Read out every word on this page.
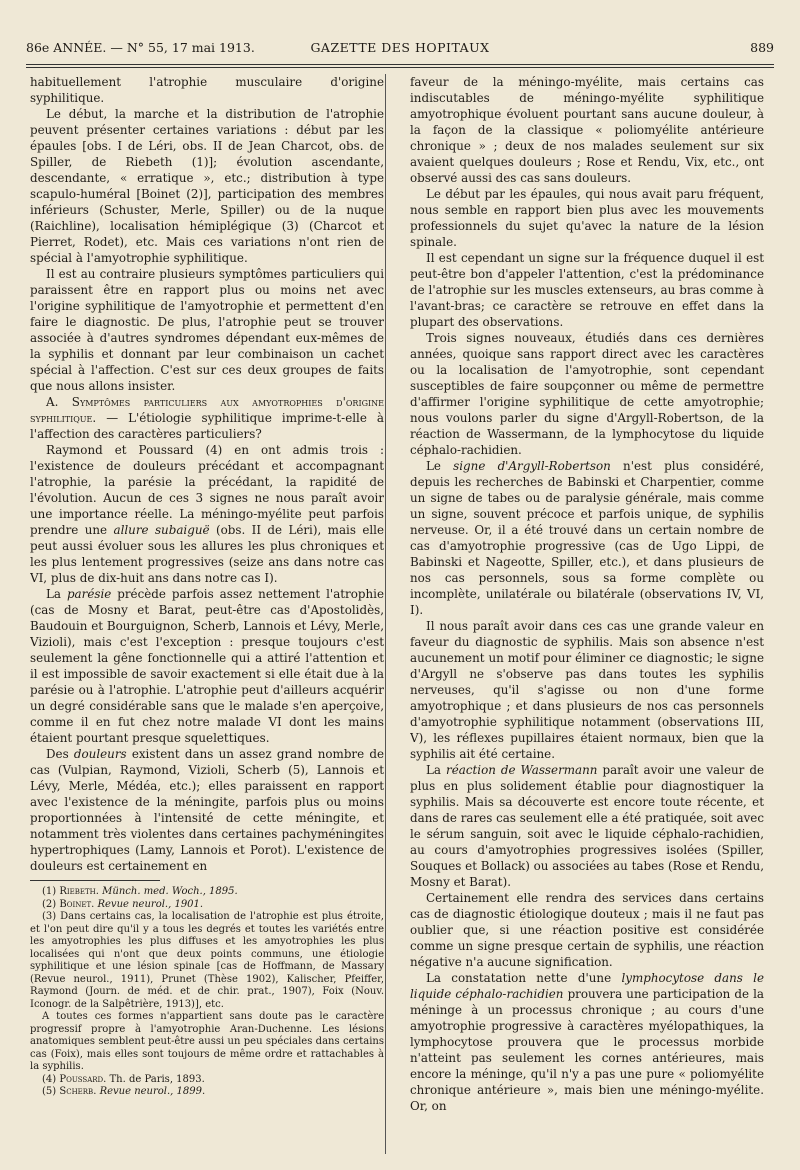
86e ANNÉE. — N° 55, 17 mai 1913.	GAZETTE DES HOPITAUX	889

habituellement l'atrophie musculaire d'origine syphilitique.

Le début, la marche et la distribution de l'atrophie peuvent présenter certaines variations : début par les épaules [obs. I de Léri, obs. II de Jean Charcot, obs. de Spiller, de Riebeth (1)]; évolution ascendante, descendante, « erratique », etc.; distribution à type scapulo-huméral [Boinet (2)], participation des membres inférieurs (Schuster, Merle, Spiller) ou de la nuque (Raichline), localisation hémiplégique (3) (Charcot et Pierret, Rodet), etc. Mais ces variations n'ont rien de spécial à l'amyotrophie syphilitique.

Il est au contraire plusieurs symptômes particuliers qui paraissent être en rapport plus ou moins net avec l'origine syphilitique de l'amyotrophie et permettent d'en faire le diagnostic. De plus, l'atrophie peut se trouver associée à d'autres syndromes dépendant eux-mêmes de la syphilis et donnant par leur combinaison un cachet spécial à l'affection. C'est sur ces deux groupes de faits que nous allons insister.

A. Symptômes particuliers aux amyotrophies d'origine syphilitique. — L'étiologie syphilitique imprime-t-elle à l'affection des caractères particuliers?

Raymond et Poussard (4) en ont admis trois : l'existence de douleurs précédant et accompagnant l'atrophie, la parésie la précédant, la rapidité de l'évolution. Aucun de ces 3 signes ne nous paraît avoir une importance réelle. La méningo-myélite peut parfois prendre une allure subaiguë (obs. II de Léri), mais elle peut aussi évoluer sous les allures les plus chroniques et les plus lentement progressives (seize ans dans notre cas VI, plus de dix-huit ans dans notre cas I).

La parésie précède parfois assez nettement l'atrophie (cas de Mosny et Barat, peut-être cas d'Apostolidès, Baudouin et Bourguignon, Scherb, Lannois et Lévy, Merle, Vizioli), mais c'est l'exception : presque toujours c'est seulement la gêne fonctionnelle qui a attiré l'attention et il est impossible de savoir exactement si elle était due à la parésie ou à l'atrophie. L'atrophie peut d'ailleurs acquérir un degré considérable sans que le malade s'en aperçoive, comme il en fut chez notre malade VI dont les mains étaient pourtant presque squelettiques.

Des douleurs existent dans un assez grand nombre de cas (Vulpian, Raymond, Vizioli, Scherb (5), Lannois et Lévy, Merle, Médéa, etc.); elles paraissent en rapport avec l'existence de la méningite, parfois plus ou moins proportionnées à l'intensité de cette méningite, et notamment très violentes dans certaines pachyméningites hypertrophiques (Lamy, Lannois et Porot). L'existence de douleurs est certainement en

(1) Riebeth. Münch. med. Woch., 1895.

(2) Boinet. Revue neurol., 1901.

(3) Dans certains cas, la localisation de l'atrophie est plus étroite, et l'on peut dire qu'il y a tous les degrés et toutes les variétés entre les amyotrophies les plus diffuses et les amyotrophies les plus localisées qui n'ont que deux points communs, une étiologie syphilitique et une lésion spinale [cas de Hoffmann, de Massary (Revue neurol., 1911), Prunet (Thèse 1902), Kalischer, Pfeiffer, Raymond (Journ. de méd. et de chir. prat., 1907), Foix (Nouv. Iconogr. de la Salpêtrière, 1913)], etc.

A toutes ces formes n'appartient sans doute pas le caractère progressif propre à l'amyotrophie Aran-Duchenne. Les lésions anatomiques semblent peut-être aussi un peu spéciales dans certains cas (Foix), mais elles sont toujours de même ordre et rattachables à la syphilis.

(4) Poussard. Th. de Paris, 1893.

(5) Scherb. Revue neurol., 1899.

faveur de la méningo-myélite, mais certains cas indiscutables de méningo-myélite syphilitique amyotrophique évoluent pourtant sans aucune douleur, à la façon de la classique « poliomyélite antérieure chronique » ; deux de nos malades seulement sur six avaient quelques douleurs ; Rose et Rendu, Vix, etc., ont observé aussi des cas sans douleurs.

Le début par les épaules, qui nous avait paru fréquent, nous semble en rapport bien plus avec les mouvements professionnels du sujet qu'avec la nature de la lésion spinale.

Il est cependant un signe sur la fréquence duquel il est peut-être bon d'appeler l'attention, c'est la prédominance de l'atrophie sur les muscles extenseurs, au bras comme à l'avant-bras; ce caractère se retrouve en effet dans la plupart des observations.

Trois signes nouveaux, étudiés dans ces dernières années, quoique sans rapport direct avec les caractères ou la localisation de l'amyotrophie, sont cependant susceptibles de faire soupçonner ou même de permettre d'affirmer l'origine syphilitique de cette amyotrophie; nous voulons parler du signe d'Argyll-Robertson, de la réaction de Wassermann, de la lymphocytose du liquide céphalo-rachidien.

Le signe d'Argyll-Robertson n'est plus considéré, depuis les recherches de Babinski et Charpentier, comme un signe de tabes ou de paralysie générale, mais comme un signe, souvent précoce et parfois unique, de syphilis nerveuse. Or, il a été trouvé dans un certain nombre de cas d'amyotrophie progressive (cas de Ugo Lippi, de Babinski et Nageotte, Spiller, etc.), et dans plusieurs de nos cas personnels, sous sa forme complète ou incomplète, unilatérale ou bilatérale (observations IV, VI, I).

Il nous paraît avoir dans ces cas une grande valeur en faveur du diagnostic de syphilis. Mais son absence n'est aucunement un motif pour éliminer ce diagnostic; le signe d'Argyll ne s'observe pas dans toutes les syphilis nerveuses, qu'il s'agisse ou non d'une forme amyotrophique ; et dans plusieurs de nos cas personnels d'amyotrophie syphilitique notamment (observations III, V), les réflexes pupillaires étaient normaux, bien que la syphilis ait été certaine.

La réaction de Wassermann paraît avoir une valeur de plus en plus solidement établie pour diagnostiquer la syphilis. Mais sa découverte est encore toute récente, et dans de rares cas seulement elle a été pratiquée, soit avec le sérum sanguin, soit avec le liquide céphalo-rachidien, au cours d'amyotrophies progressives isolées (Spiller, Souques et Bollack) ou associées au tabes (Rose et Rendu, Mosny et Barat).

Certainement elle rendra des services dans certains cas de diagnostic étiologique douteux ; mais il ne faut pas oublier que, si une réaction positive est considérée comme un signe presque certain de syphilis, une réaction négative n'a aucune signification.

La constatation nette d'une lymphocytose dans le liquide céphalo-rachidien prouvera une participation de la méninge à un processus chronique ; au cours d'une amyotrophie progressive à caractères myélopathiques, la lymphocytose prouvera que le processus morbide n'atteint pas seulement les cornes antérieures, mais encore la méninge, qu'il n'y a pas une pure « poliomyélite chronique antérieure », mais bien une méningo-myélite. Or, on
